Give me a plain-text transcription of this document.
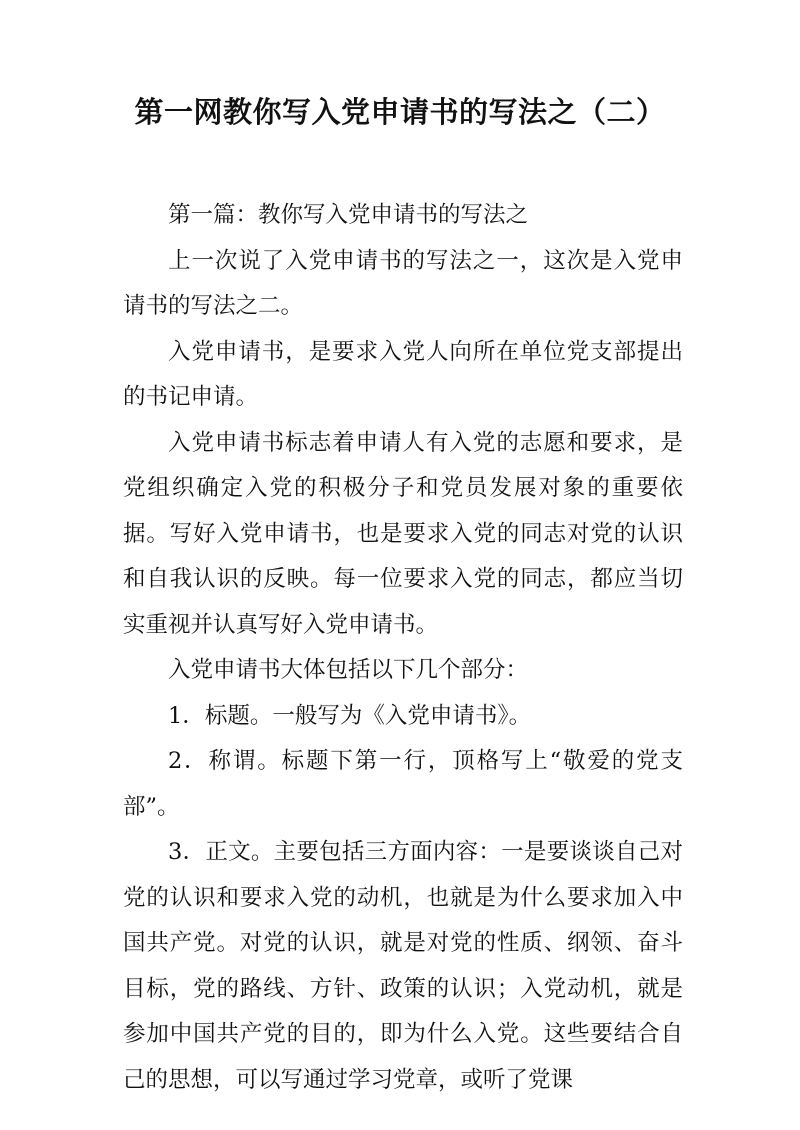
第一网教你写入党申请书的写法之（二）

第一篇：教你写入党申请书的写法之

上一次说了入党申请书的写法之一，这次是入党申请书的写法之二。

入党申请书，是要求入党人向所在单位党支部提出的书记申请。

入党申请书标志着申请人有入党的志愿和要求，是党组织确定入党的积极分子和党员发展对象的重要依据。写好入党申请书，也是要求入党的同志对党的认识和自我认识的反映。每一位要求入党的同志，都应当切实重视并认真写好入党申请书。

入党申请书大体包括以下几个部分：

1．标题。一般写为《入党申请书》。

2．称谓。标题下第一行，顶格写上“敬爱的党支部”。

3．正文。主要包括三方面内容：一是要谈谈自己对党的认识和要求入党的动机，也就是为什么要求加入中国共产党。对党的认识，就是对党的性质、纲领、奋斗目标，党的路线、方针、政策的认识；入党动机，就是参加中国共产党的目的，即为什么入党。这些要结合自己的思想，可以写通过学习党章，或听了党课
